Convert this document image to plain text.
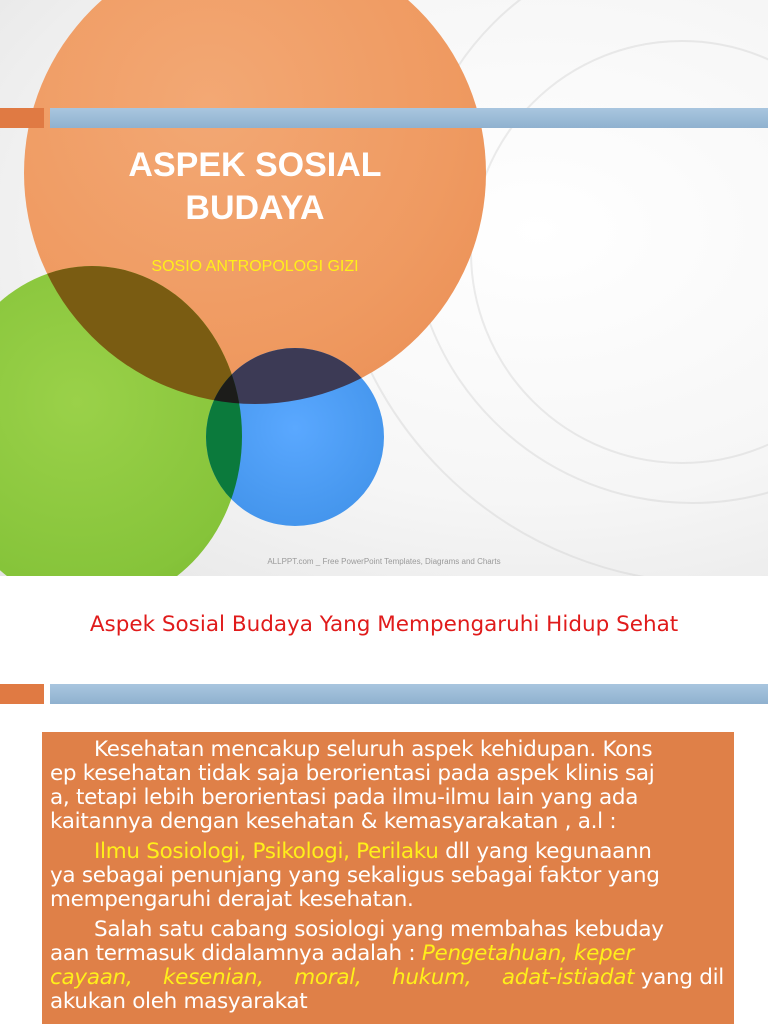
ASPEK SOSIAL
BUDAYA
SOSIO ANTROPOLOGI GIZI
ALLPPT.com _ Free PowerPoint Templates, Diagrams and Charts
Aspek Sosial Budaya Yang Mempengaruhi Hidup Sehat
Kesehatan mencakup seluruh aspek kehidupan. Kons
ep kesehatan tidak saja berorientasi pada aspek klinis saj
a, tetapi lebih berorientasi pada ilmu-ilmu lain yang ada
kaitannya dengan kesehatan & kemasyarakatan , a.l :
Ilmu Sosiologi, Psikologi, Perilaku dll yang kegunaann
ya sebagai penunjang yang sekaligus sebagai faktor yang
mempengaruhi derajat kesehatan.
Salah satu cabang sosiologi yang membahas kebuday
aan termasuk didalamnya adalah : Pengetahuan, keper
cayaan, kesenian, moral, hukum, adat-istiadat yang dil
akukan oleh masyarakat
